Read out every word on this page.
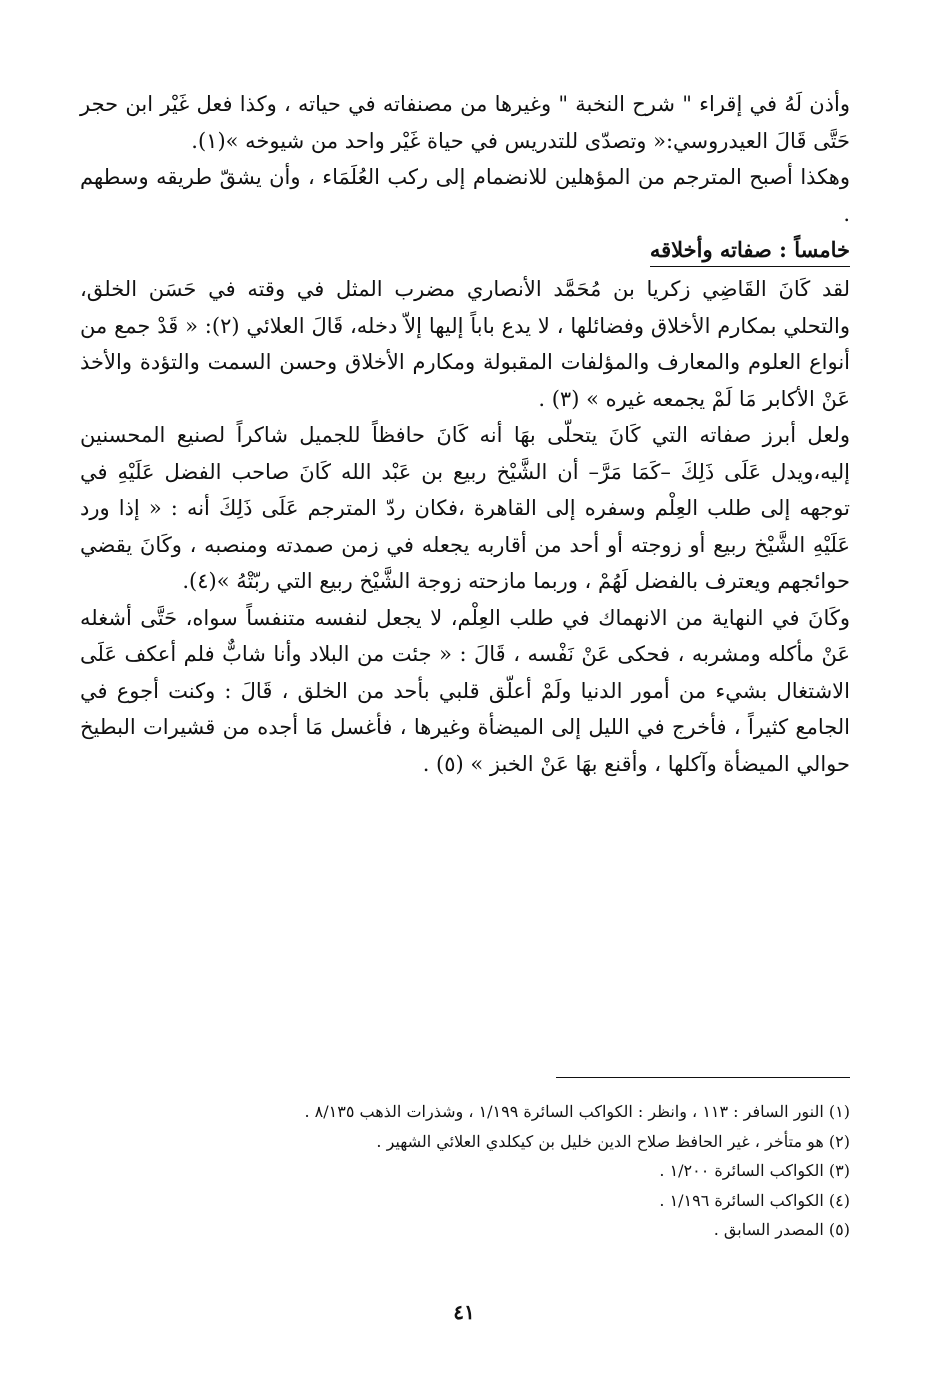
وأذن لَهُ في إقراء " شرح النخبة " وغيرها من مصنفاته في حياته ، وكذا فعل غَيْر ابن حجر حَتَّى قَالَ العيدروسي:« وتصدّى للتدريس في حياة غَيْر واحد من شيوخه »(١).

وهكذا أصبح المترجم من المؤهلين للانضمام إلى ركب العُلَمَاء ، وأن يشقّ طريقه وسطهم .

خامساً : صفاته وأخلاقه

لقد كَانَ القَاضِي زكريا بن مُحَمَّد الأنصاري مضرب المثل في وقته في حَسَن الخلق، والتحلي بمكارم الأخلاق وفضائلها ، لا يدع باباً إليها إلاّ دخله، قَالَ العلائي (٢): « قَدْ جمع من أنواع العلوم والمعارف والمؤلفات المقبولة ومكارم الأخلاق وحسن السمت والتؤدة والأخذ عَنْ الأكابر مَا لَمْ يجمعه غيره » (٣) .

ولعل أبرز صفاته التي كَانَ يتحلّى بهَا أنه كَانَ حافظاً للجميل شاكراً لصنيع المحسنين إليه،ويدل عَلَى ذَلِكَ –كَمَا مَرَّ– أن الشَّيْخ ربيع بن عَبْد الله كَانَ صاحب الفضل عَلَيْهِ في توجهه إلى طلب العِلْم وسفره إلى القاهرة ،فكان ردّ المترجم عَلَى ذَلِكَ أنه : « إذا ورد عَلَيْهِ الشَّيْخ ربيع أو زوجته أو أحد من أقاربه يجعله في زمن صمدته ومنصبه ، وكَانَ يقضي حوائجهم ويعترف بالفضل لَهُمْ ، وربما مازحته زوجة الشَّيْخ ربيع التي ربّتْهُ »(٤).

وكَانَ في النهاية من الانهماك في طلب العِلْم، لا يجعل لنفسه متنفساً سواه، حَتَّى أشغله عَنْ مأكله ومشربه ، فحكى عَنْ نَفْسه ، قَالَ : « جئت من البلاد وأنا شابٌّ فلم أعكف عَلَى الاشتغال بشيء من أمور الدنيا ولَمْ أعلّق قلبي بأحد من الخلق ، قَالَ : وكنت أجوع في الجامع كثيراً ، فأخرج في الليل إلى الميضأة وغيرها ، فأغسل مَا أجده من قشيرات البطيخ حوالي الميضأة وآكلها ، وأقنع بهَا عَنْ الخبز » (٥) .

(١) النور السافر : ١١٣ ، وانظر : الكواكب السائرة ١/١٩٩ ، وشذرات الذهب ٨/١٣٥ .

(٢) هو متأخر ، غير الحافظ صلاح الدين خليل بن كيكلدي العلائي الشهير .

(٣) الكواكب السائرة ١/٢٠٠ .

(٤) الكواكب السائرة ١/١٩٦ .

(٥) المصدر السابق .

٤١
